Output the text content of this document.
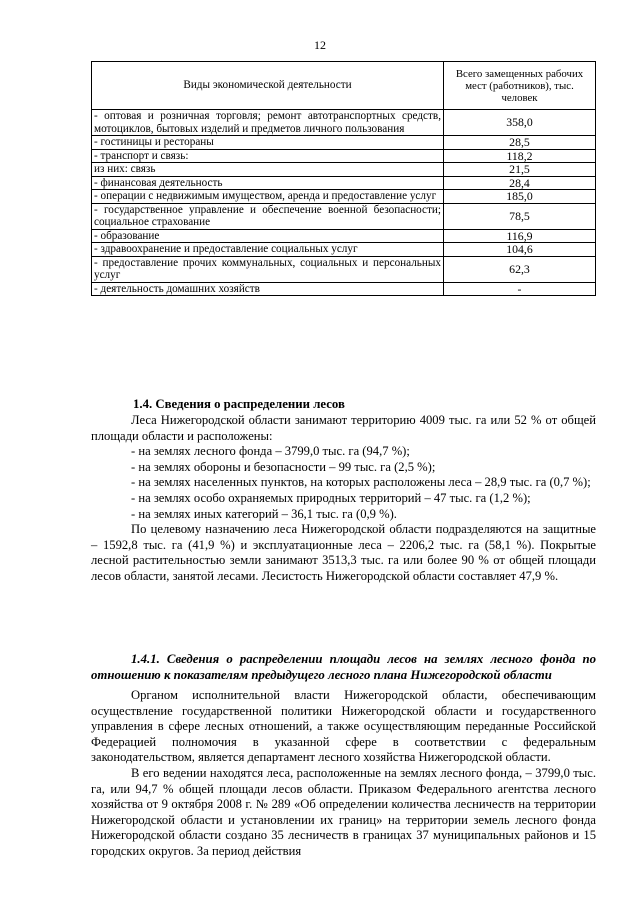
12
Виды экономической деятельности	Всего замещенных рабочих мест (работников), тыс. человек
- оптовая и розничная торговля; ремонт автотранспортных средств, мотоциклов, бытовых изделий и предметов личного пользования	358,0
- гостиницы и рестораны	28,5
- транспорт и связь:	118,2
из них: связь	21,5
- финансовая деятельность	28,4
- операции с недвижимым имуществом, аренда и предоставление услуг	185,0
- государственное управление и обеспечение военной безопасности; социальное страхование	78,5
- образование	116,9
- здравоохранение и предоставление социальных услуг	104,6
- предоставление прочих коммунальных, социальных и персональных услуг	62,3
- деятельность домашних хозяйств	-
1.4. Сведения о распределении лесов

Леса Нижегородской области занимают территорию 4009 тыс. га или 52 % от общей площади области и расположены:

- на землях лесного фонда – 3799,0 тыс. га (94,7 %);

- на землях обороны и безопасности – 99 тыс. га (2,5 %);

- на землях населенных пунктов, на которых расположены леса – 28,9 тыс. га (0,7 %);

- на землях особо охраняемых природных территорий – 47 тыс. га (1,2 %);

- на землях иных категорий – 36,1 тыс. га (0,9 %).

По целевому назначению леса Нижегородской области подразделяются на защитные – 1592,8 тыс. га (41,9 %) и эксплуатационные леса – 2206,2 тыс. га (58,1 %). Покрытые лесной растительностью земли занимают 3513,3 тыс. га или более 90 % от общей площади лесов области, занятой лесами. Лесистость Нижегородской области составляет 47,9 %.

1.4.1. Сведения о распределении площади лесов на землях лесного фонда по отношению к показателям предыдущего лесного плана Нижегородской области

Органом исполнительной власти Нижегородской области, обеспечивающим осуществление государственной политики Нижегородской области и государственного управления в сфере лесных отношений, а также осуществляющим переданные Российской Федерацией полномочия в указанной сфере в соответствии с федеральным законодательством, является департамент лесного хозяйства Нижегородской области.

В его ведении находятся леса, расположенные на землях лесного фонда, – 3799,0 тыс. га, или 94,7 % общей площади лесов области. Приказом Федерального агентства лесного хозяйства от 9 октября 2008 г. № 289 «Об определении количества лесничеств на территории Нижегородской области и установлении их границ» на территории земель лесного фонда Нижегородской области создано 35 лесничеств в границах 37 муниципальных районов и 15 городских округов. За период действия
